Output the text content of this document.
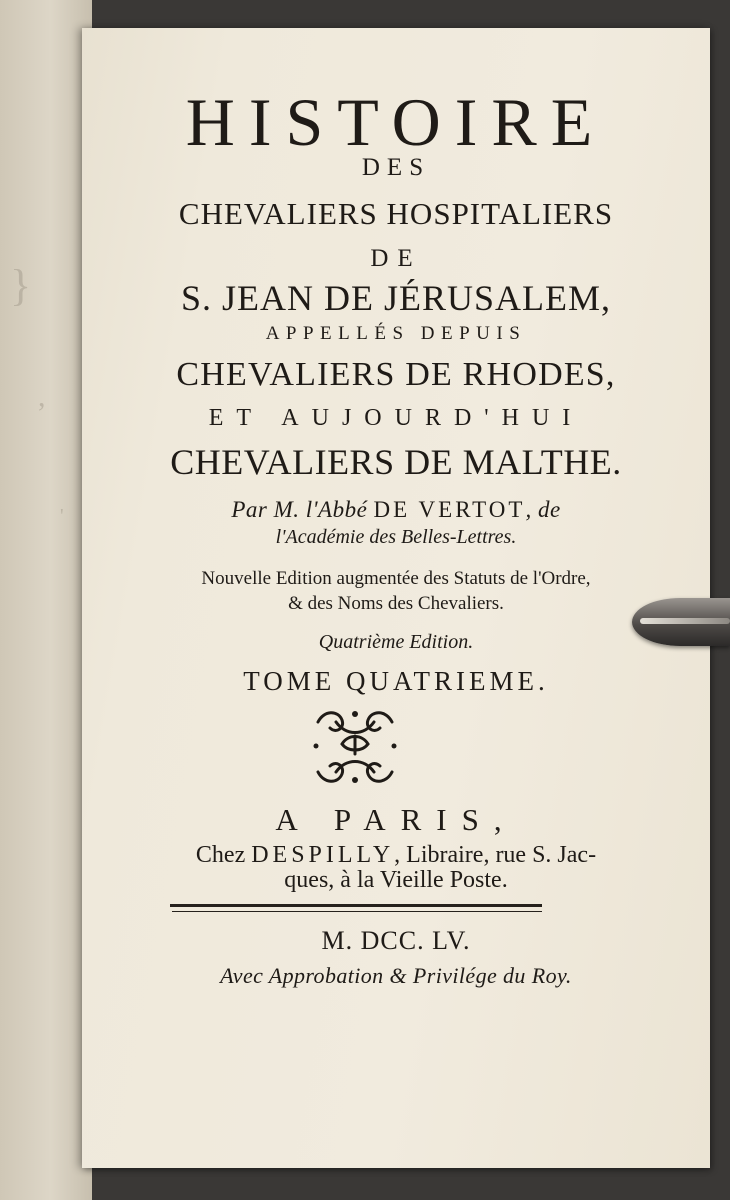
}
,
'
HISTOIRE
DES
CHEVALIERS HOSPITALIERS
DE
S. JEAN DE JÉRUSALEM,
APPELLÉS DEPUIS
CHEVALIERS DE RHODES,
ET AUJOURD'HUI
CHEVALIERS DE MALTHE.
Par M. l'Abbé DE VERTOT, de
l'Académie des Belles-Lettres.
Nouvelle Edition augmentée des Statuts de l'Ordre,
& des Noms des Chevaliers.
Quatrième Edition.
TOME QUATRIEME.
A PARIS,
Chez DESPILLY, Libraire, rue S. Jac-
ques, à la Vieille Poste.
M. DCC. LV.
Avec Approbation & Privilége du Roy.
